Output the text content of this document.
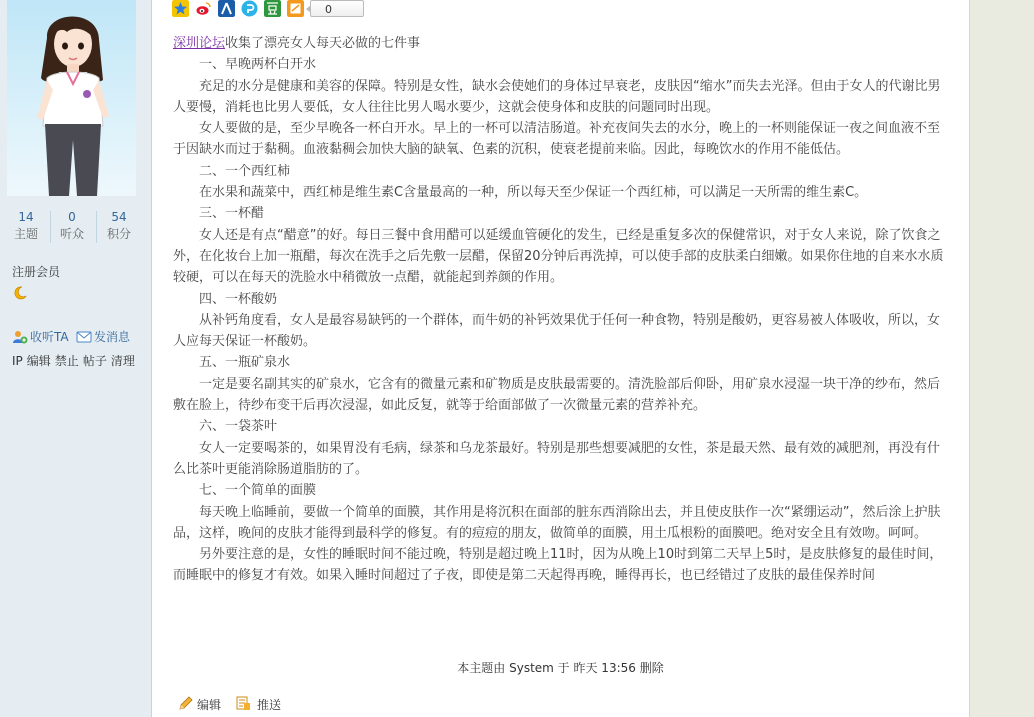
14
主题
0
听众
54
积分
注册会员
收听TA 发消息
IP 编辑 禁止 帖子 清理
0

深圳论坛收集了漂亮女人每天必做的七件事

一、早晚两杯白开水

充足的水分是健康和美容的保障。特别是女性，缺水会使她们的身体过早衰老，皮肤因“缩水”而失去光泽。但由于女人的代谢比男人要慢，消耗也比男人要低，女人往往比男人喝水要少，这就会使身体和皮肤的问题同时出现。

女人要做的是，至少早晚各一杯白开水。早上的一杯可以清洁肠道。补充夜间失去的水分，晚上的一杯则能保证一夜之间血液不至于因缺水而过于黏稠。血液黏稠会加快大脑的缺氧、色素的沉积，使衰老提前来临。因此，每晚饮水的作用不能低估。

二、一个西红柿

在水果和蔬菜中，西红柿是维生素C含量最高的一种，所以每天至少保证一个西红柿，可以满足一天所需的维生素C。

三、一杯醋

女人还是有点“醋意”的好。每日三餐中食用醋可以延缓血管硬化的发生，已经是重复多次的保健常识，对于女人来说，除了饮食之外，在化妆台上加一瓶醋，每次在洗手之后先敷一层醋，保留20分钟后再洗掉，可以使手部的皮肤柔白细嫩。如果你住地的自来水水质较硬，可以在每天的洗脸水中稍微放一点醋，就能起到养颜的作用。

四、一杯酸奶

从补钙角度看，女人是最容易缺钙的一个群体，而牛奶的补钙效果优于任何一种食物，特别是酸奶，更容易被人体吸收，所以，女人应每天保证一杯酸奶。

五、一瓶矿泉水

一定是要名副其实的矿泉水，它含有的微量元素和矿物质是皮肤最需要的。清洗脸部后仰卧，用矿泉水浸湿一块干净的纱布，然后敷在脸上，待纱布变干后再次浸湿，如此反复，就等于给面部做了一次微量元素的营养补充。

六、一袋茶叶

女人一定要喝茶的，如果胃没有毛病，绿茶和乌龙茶最好。特别是那些想要减肥的女性，茶是最天然、最有效的减肥剂，再没有什么比茶叶更能消除肠道脂肪的了。

七、一个简单的面膜

每天晚上临睡前，要做一个简单的面膜，其作用是将沉积在面部的脏东西消除出去，并且使皮肤作一次“紧绷运动”，然后涂上护肤品，这样，晚间的皮肤才能得到最科学的修复。有的痘痘的朋友，做简单的面膜，用土瓜根粉的面膜吧。绝对安全且有效吻。呵呵。

另外要注意的是，女性的睡眠时间不能过晚，特别是超过晚上11时，因为从晚上10时到第二天早上5时，是皮肤修复的最佳时间，而睡眠中的修复才有效。如果入睡时间超过了子夜，即使是第二天起得再晚，睡得再长，也已经错过了皮肤的最佳保养时间

本主题由 System 于 昨天 13:56 删除
编辑	推送
